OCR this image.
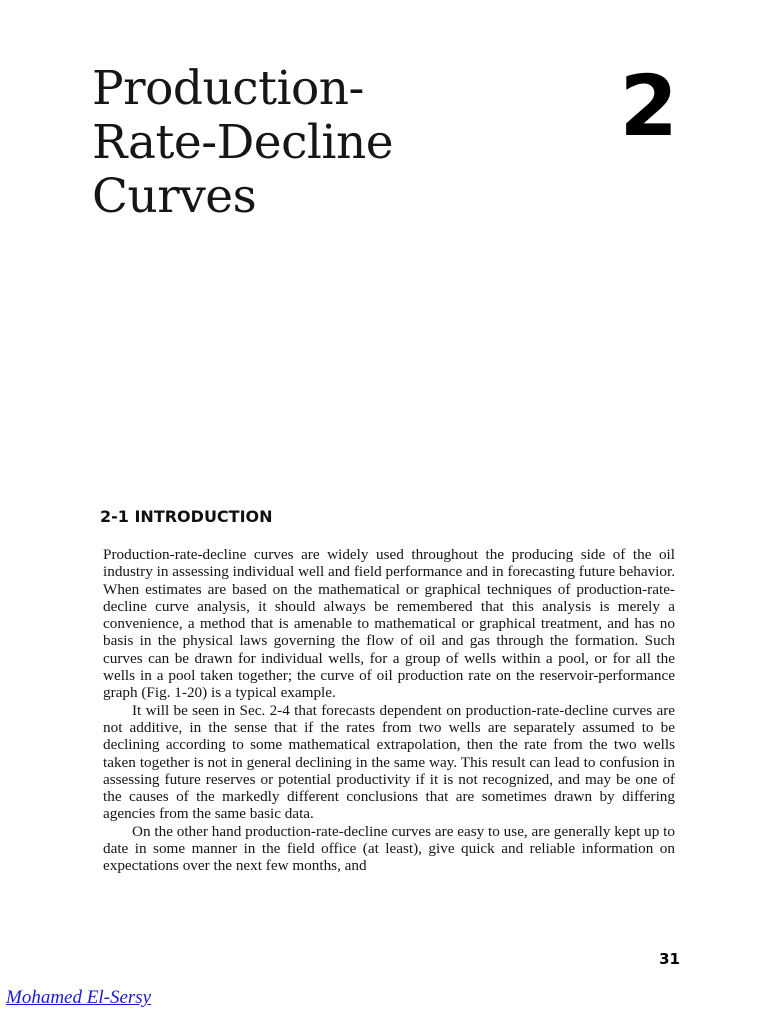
Production-
Rate-Decline
Curves
2
2-1 INTRODUCTION

Production-rate-decline curves are widely used throughout the producing side of the oil industry in assessing individual well and field performance and in forecasting future behavior. When estimates are based on the mathematical or graphical techniques of production-rate-decline curve analysis, it should always be remembered that this analysis is merely a convenience, a method that is amenable to mathematical or graphical treatment, and has no basis in the physical laws governing the flow of oil and gas through the formation. Such curves can be drawn for individual wells, for a group of wells within a pool, or for all the wells in a pool taken together; the curve of oil production rate on the reservoir-performance graph (Fig. 1-20) is a typical example.

It will be seen in Sec. 2-4 that forecasts dependent on production-rate-decline curves are not additive, in the sense that if the rates from two wells are separately assumed to be declining according to some mathematical extrapolation, then the rate from the two wells taken together is not in general declining in the same way. This result can lead to confusion in assessing future reserves or potential productivity if it is not recognized, and may be one of the causes of the markedly different conclusions that are sometimes drawn by differing agencies from the same basic data.

On the other hand production-rate-decline curves are easy to use, are generally kept up to date in some manner in the field office (at least), give quick and reliable information on expectations over the next few months, and

31
Mohamed El-Sersy
